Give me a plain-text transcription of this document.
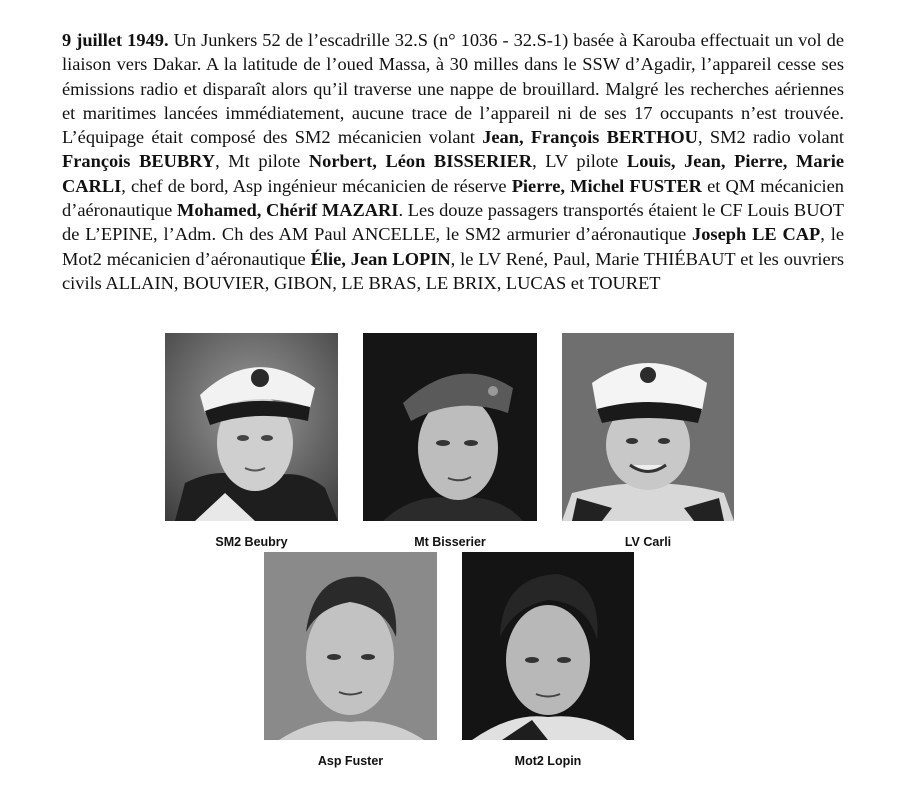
9 juillet 1949. Un Junkers 52 de l’escadrille 32.S (n° 1036 - 32.S-1) basée à Karouba effectuait un vol de liaison vers Dakar. A la latitude de l’oued Massa, à 30 milles dans le SSW d’Agadir, l’appareil cesse ses émissions radio et disparaît alors qu’il traverse une nappe de brouillard. Malgré les recherches aériennes et maritimes lancées immédiatement, aucune trace de l’appareil ni de ses 17 occupants n’est trouvée. L’équipage était composé des SM2 mécanicien volant Jean, François BERTHOU, SM2 radio volant François BEUBRY, Mt pilote Norbert, Léon BISSERIER, LV pilote Louis, Jean, Pierre, Marie CARLI, chef de bord, Asp ingénieur mécanicien de réserve Pierre, Michel FUSTER et QM mécanicien d’aéronautique Mohamed, Chérif MAZARI. Les douze passagers transportés étaient le CF Louis BUOT de L’EPINE, l’Adm. Ch des AM Paul ANCELLE, le SM2 armurier d’aéronautique Joseph LE CAP, le Mot2 mécanicien d’aéronautique Élie, Jean LOPIN, le LV René, Paul, Marie THIÉBAUT et les ouvriers civils ALLAIN, BOUVIER, GIBON, LE BRAS, LE BRIX, LUCAS et TOURET
SM2 Beubry	Mt Bisserier	LV Carli
Asp Fuster	Mot2 Lopin
